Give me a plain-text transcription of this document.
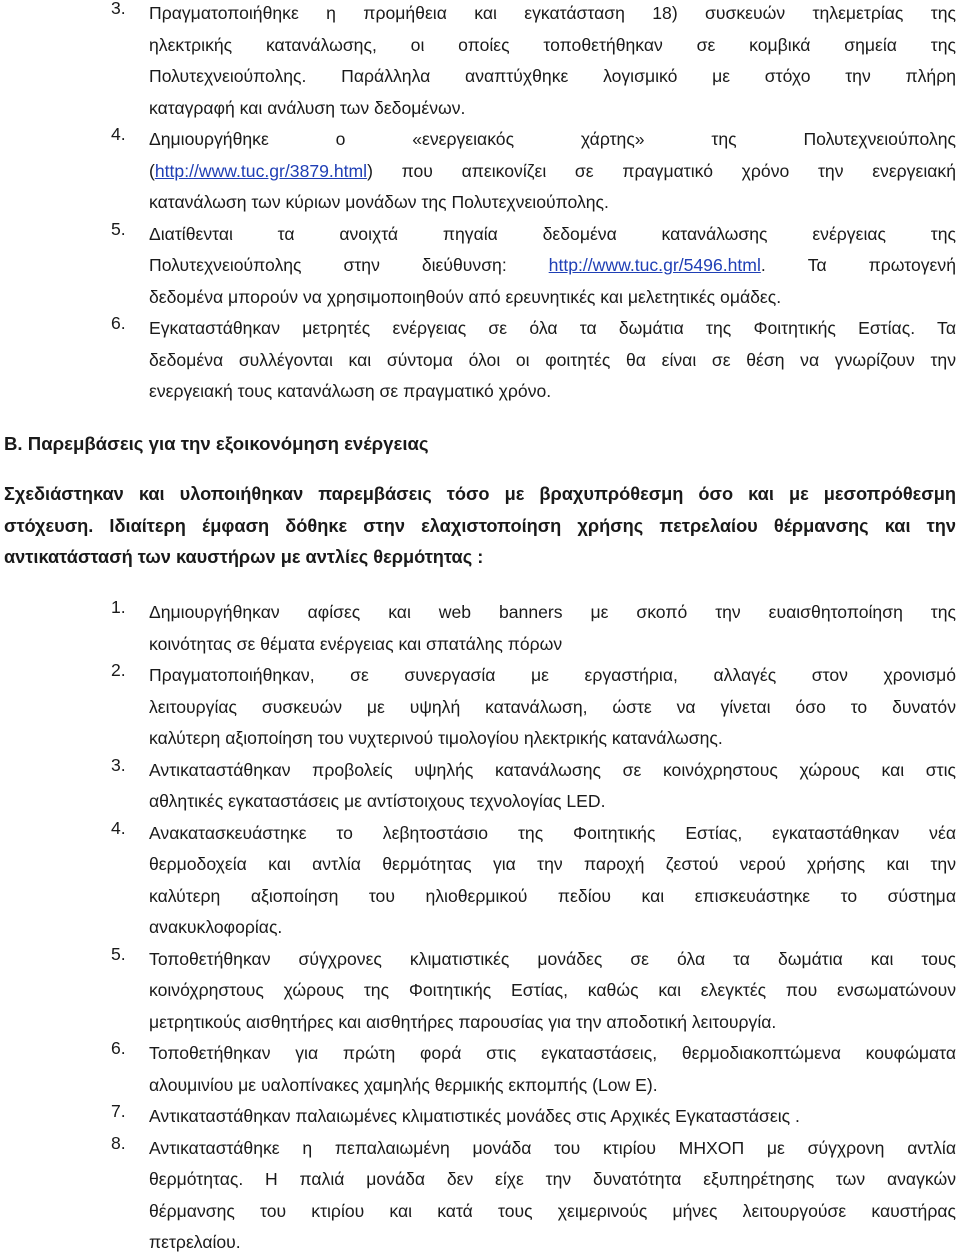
3. Πραγματοποιήθηκε η προμήθεια και εγκατάσταση 18) συσκευών τηλεμετρίας της
ηλεκτρικής κατανάλωσης, οι οποίες τοποθετήθηκαν σε κομβικά σημεία της
Πολυτεχνειούπολης. Παράλληλα αναπτύχθηκε λογισμικό με στόχο την πλήρη
καταγραφή και ανάλυση των δεδομένων.
4. Δημιουργήθηκε ο «ενεργειακός χάρτης» της Πολυτεχνειούπολης
(http://www.tuc.gr/3879.html) που απεικονίζει σε πραγματικό χρόνο την ενεργειακή
κατανάλωση των κύριων μονάδων της Πολυτεχνειούπολης.
5. Διατίθενται τα ανοιχτά πηγαία δεδομένα κατανάλωσης ενέργειας της
Πολυτεχνειούπολης στην διεύθυνση: http://www.tuc.gr/5496.html. Τα πρωτογενή
δεδομένα μπορούν να χρησιμοποιηθούν από ερευνητικές και μελετητικές ομάδες.
6. Εγκαταστάθηκαν μετρητές ενέργειας σε όλα τα δωμάτια της Φοιτητικής Εστίας. Τα
δεδομένα συλλέγονται και σύντομα όλοι οι φοιτητές θα είναι σε θέση να γνωρίζουν την
ενεργειακή τους κατανάλωση σε πραγματικό χρόνο.
Β. Παρεμβάσεις για την εξοικονόμηση ενέργειας
Σχεδιάστηκαν και υλοποιήθηκαν παρεμβάσεις τόσο με βραχυπρόθεσμη όσο και με μεσοπρόθεσμη
στόχευση. Ιδιαίτερη έμφαση δόθηκε στην ελαχιστοποίηση χρήσης πετρελαίου θέρμανσης και την
αντικατάστασή των καυστήρων με αντλίες θερμότητας :
1. Δημιουργήθηκαν αφίσες και web banners με σκοπό την ευαισθητοποίηση της
κοινότητας σε θέματα ενέργειας και σπατάλης πόρων
2. Πραγματοποιήθηκαν, σε συνεργασία με εργαστήρια, αλλαγές στον χρονισμό
λειτουργίας συσκευών με υψηλή κατανάλωση, ώστε να γίνεται όσο το δυνατόν
καλύτερη αξιοποίηση του νυχτερινού τιμολογίου ηλεκτρικής κατανάλωσης.
3. Αντικαταστάθηκαν προβολείς υψηλής κατανάλωσης σε κοινόχρηστους χώρους και στις
αθλητικές εγκαταστάσεις με αντίστοιχους τεχνολογίας LED.
4. Ανακατασκευάστηκε το λεβητοστάσιο της Φοιτητικής Εστίας, εγκαταστάθηκαν νέα
θερμοδοχεία και αντλία θερμότητας για την παροχή ζεστού νερού χρήσης και την
καλύτερη αξιοποίηση του ηλιοθερμικού πεδίου και επισκευάστηκε το σύστημα
ανακυκλοφορίας.
5. Τοποθετήθηκαν σύγχρονες κλιματιστικές μονάδες σε όλα τα δωμάτια και τους
κοινόχρηστους χώρους της Φοιτητικής Εστίας, καθώς και ελεγκτές που ενσωματώνουν
μετρητικούς αισθητήρες και αισθητήρες παρουσίας για την αποδοτική λειτουργία.
6. Τοποθετήθηκαν για πρώτη φορά στις εγκαταστάσεις, θερμοδιακοπτώμενα κουφώματα
αλουμινίου με υαλοπίνακες χαμηλής θερμικής εκπομπής (Low E).
7. Αντικαταστάθηκαν παλαιωμένες κλιματιστικές μονάδες στις Αρχικές Εγκαταστάσεις .
8. Αντικαταστάθηκε η πεπαλαιωμένη μονάδα του κτιρίου ΜΗΧΟΠ με σύγχρονη αντλία
θερμότητας. Η παλιά μονάδα δεν είχε την δυνατότητα εξυπηρέτησης των αναγκών
θέρμανσης του κτιρίου και κατά τους χειμερινούς μήνες λειτουργούσε καυστήρας
πετρελαίου.
